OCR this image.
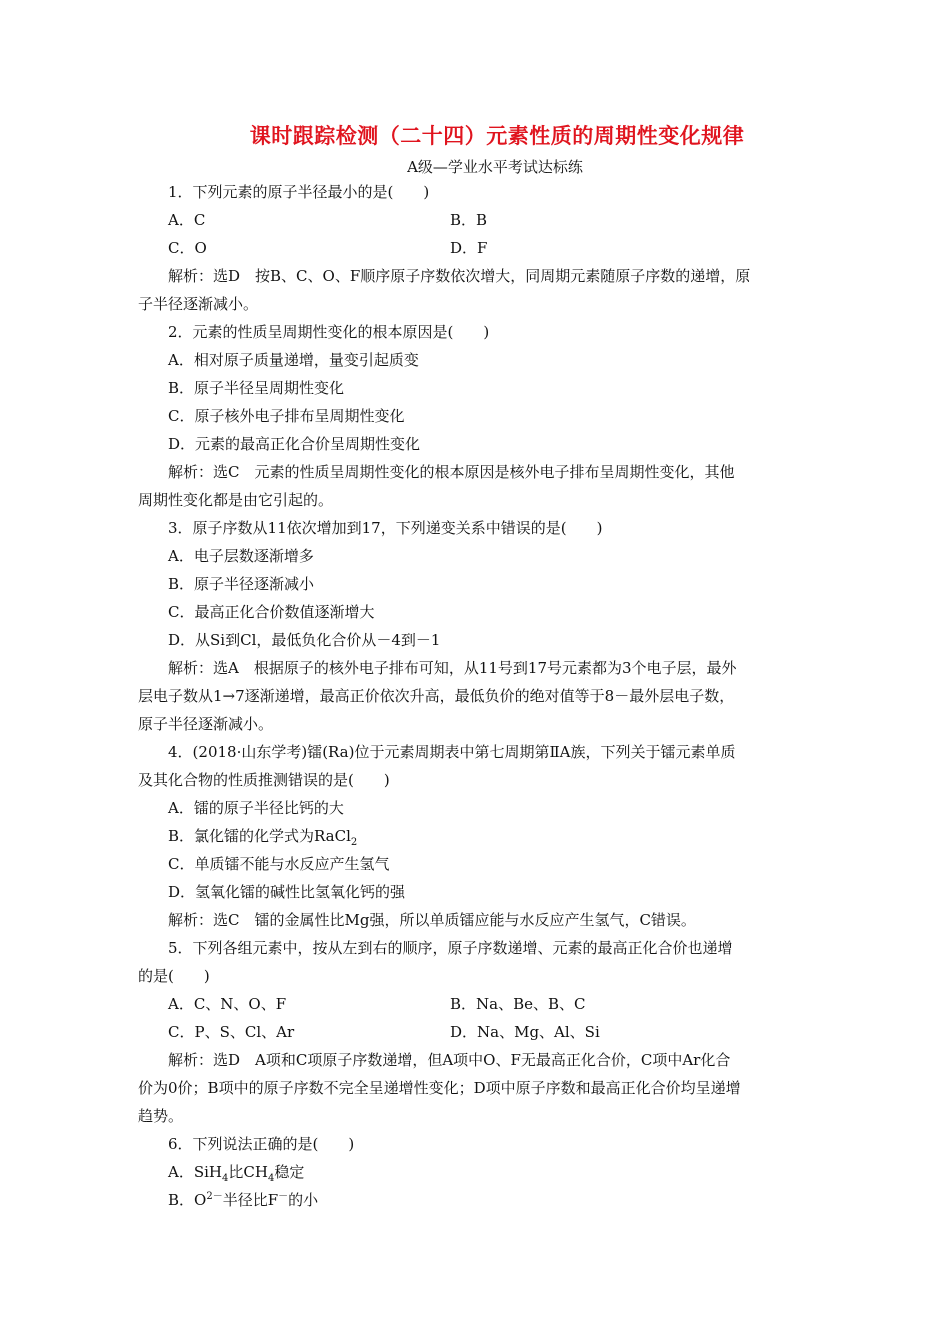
课时跟踪检测（二十四）元素性质的周期性变化规律
A级—学业水平考试达标练
1．下列元素的原子半径最小的是(　　)
A．C	B．B
C．O	D．F
解析：选D　按B、C、O、F顺序原子序数依次增大，同周期元素随原子序数的递增，原
子半径逐渐减小。
2．元素的性质呈周期性变化的根本原因是(　　)
A．相对原子质量递增，量变引起质变
B．原子半径呈周期性变化
C．原子核外电子排布呈周期性变化
D．元素的最高正化合价呈周期性变化
解析：选C　元素的性质呈周期性变化的根本原因是核外电子排布呈周期性变化，其他
周期性变化都是由它引起的。
3．原子序数从11依次增加到17，下列递变关系中错误的是(　　)
A．电子层数逐渐增多
B．原子半径逐渐减小
C．最高正化合价数值逐渐增大
D．从Si到Cl，最低负化合价从－4到－1
解析：选A　根据原子的核外电子排布可知，从11号到17号元素都为3个电子层，最外
层电子数从1→7逐渐递增，最高正价依次升高，最低负价的绝对值等于8－最外层电子数，
原子半径逐渐减小。
4．(2018·山东学考)镭(Ra)位于元素周期表中第七周期第ⅡA族，下列关于镭元素单质
及其化合物的性质推测错误的是(　　)
A．镭的原子半径比钙的大
B．氯化镭的化学式为RaCl$_2$
C．单质镭不能与水反应产生氢气
D．氢氧化镭的碱性比氢氧化钙的强
解析：选C　镭的金属性比Mg强，所以单质镭应能与水反应产生氢气，C错误。
5．下列各组元素中，按从左到右的顺序，原子序数递增、元素的最高正化合价也递增
的是(　　)
A．C、N、O、F	B．Na、Be、B、C
C．P、S、Cl、Ar	D．Na、Mg、Al、Si
解析：选D　A项和C项原子序数递增，但A项中O、F无最高正化合价，C项中Ar化合
价为0价；B项中的原子序数不完全呈递增性变化；D项中原子序数和最高正化合价均呈递增
趋势。
6．下列说法正确的是(　　)
A．SiH$_4$比$CH_4$稳定
B．$O^{2-}$半径比F－的小
